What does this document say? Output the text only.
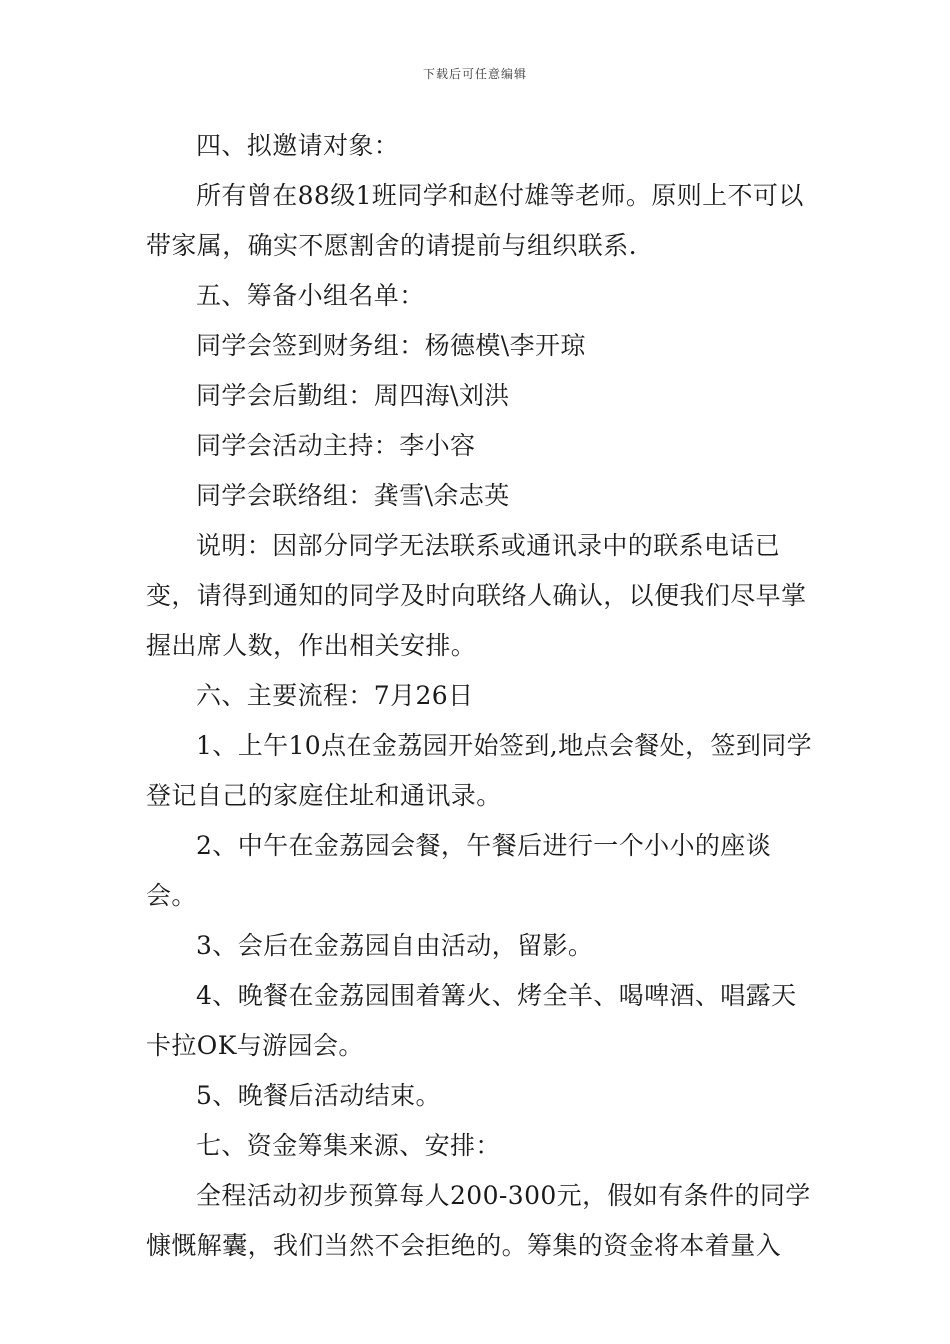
下载后可任意编辑

四、拟邀请对象：

所有曾在88级1班同学和赵付雄等老师。原则上不可以带家属，确实不愿割舍的请提前与组织联系.

五、筹备小组名单：

同学会签到财务组：杨德模\李开琼

同学会后勤组：周四海\刘洪

同学会活动主持：李小容

同学会联络组：龚雪\余志英

说明：因部分同学无法联系或通讯录中的联系电话已变，请得到通知的同学及时向联络人确认，以便我们尽早掌握出席人数，作出相关安排。

六、主要流程：7月26日

1、上午10点在金荔园开始签到,地点会餐处，签到同学登记自己的家庭住址和通讯录。

2、中午在金荔园会餐，午餐后进行一个小小的座谈会。

3、会后在金荔园自由活动，留影。

4、晚餐在金荔园围着篝火、烤全羊、喝啤酒、唱露天卡拉OK与游园会。

5、晚餐后活动结束。

七、资金筹集来源、安排：

全程活动初步预算每人200-300元，假如有条件的同学慷慨解囊，我们当然不会拒绝的。筹集的资金将本着量入
